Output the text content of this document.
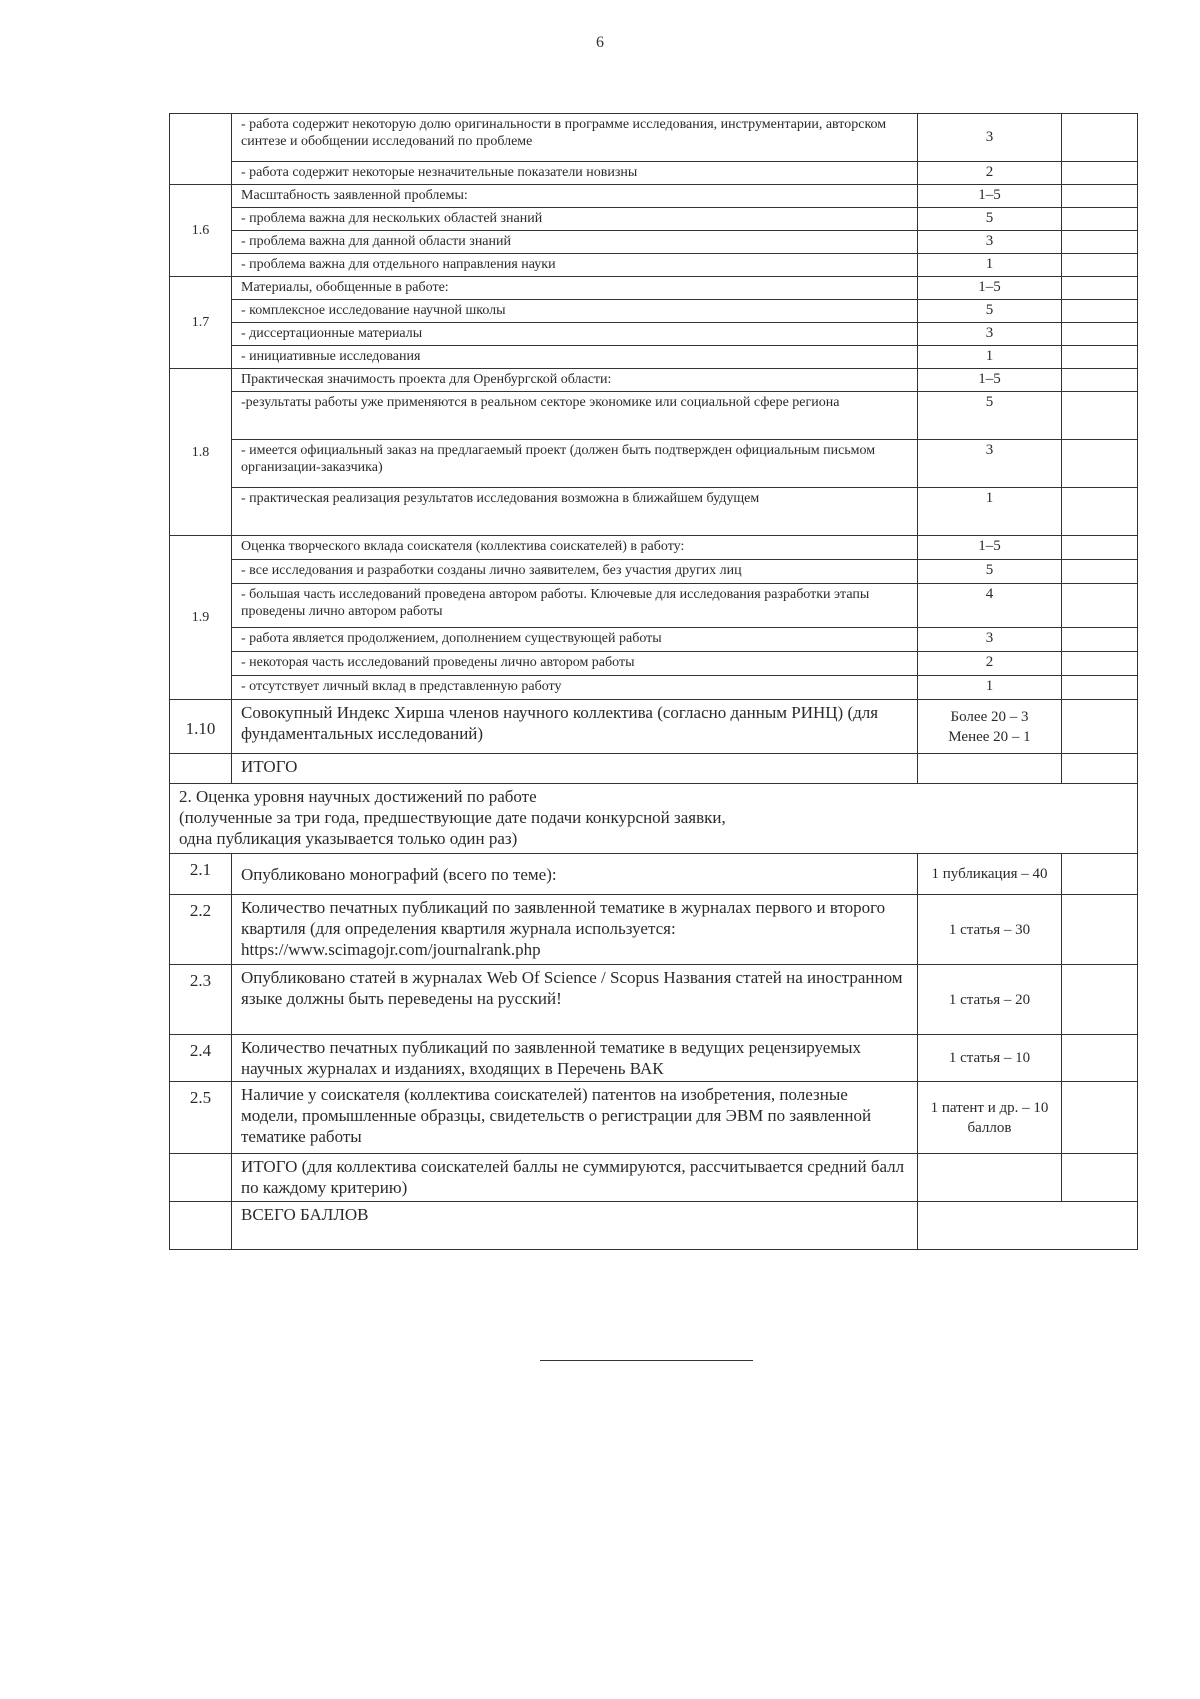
6
	- работа содержит некоторую долю оригинальности в программе исследования, инструментарии, авторском синтезе и обобщении исследований по проблеме	3	
	- работа содержит некоторые незначительные показатели новизны	2	
1.6	Масштабность заявленной проблемы:	1–5	
	- проблема важна для нескольких областей знаний	5	
	- проблема важна для данной области знаний	3	
	- проблема важна для отдельного направления науки	1	
1.7	Материалы, обобщенные в работе:	1–5	
	- комплексное исследование научной школы	5	
	- диссертационные материалы	3	
	- инициативные исследования	1	
1.8	Практическая значимость проекта для Оренбургской области:	1–5	
	-результаты работы уже применяются в реальном секторе экономике или социальной сфере региона	5	
	- имеется официальный заказ на предлагаемый проект (должен быть подтвержден официальным письмом организации-заказчика)	3	
	- практическая реализация результатов исследования возможна в ближайшем будущем	1	
1.9	Оценка творческого вклада соискателя (коллектива соискателей) в работу:	1–5	
	- все исследования и разработки созданы лично заявителем, без участия других лиц	5	
	- большая часть исследований проведена автором работы. Ключевые для исследования разработки этапы проведены лично автором работы	4	
	- работа является продолжением, дополнением существующей работы	3	
	- некоторая часть исследований проведены лично автором работы	2	
	- отсутствует личный вклад в представленную работу	1	
1.10	Совокупный Индекс Хирша членов научного коллектива (согласно данным РИНЦ) (для фундаментальных исследований)	Более 20 – 3
Менее 20 – 1	

	ИТОГО		

2. Оценка уровня научных достижений по работе
(полученные за три года, предшествующие дате подачи конкурсной заявки,
одна публикация указывается только один раз)			

2.1	Опубликовано монографий (всего по теме):	1 публикация – 40	
2.2	Количество печатных публикаций по заявленной тематике в журналах первого и второго квартиля (для определения квартиля журнала используется: https://www.scimagojr.com/journalrank.php	1 статья – 30	
2.3	Опубликовано статей в журналах Web Of Science / Scopus Названия статей на иностранном языке должны быть переведены на русский!	1 статья – 20	
2.4	Количество печатных публикаций по заявленной тематике в ведущих рецензируемых научных журналах и изданиях, входящих в Перечень ВАК	1 статья – 10	
2.5	Наличие у соискателя (коллектива соискателей) патентов на изобретения, полезные модели, промышленные образцы, свидетельств о регистрации для ЭВМ по заявленной тематике работы	1 патент и др. – 10 баллов	
	ИТОГО (для коллектива соискателей баллы не суммируются, рассчитывается средний балл по каждому критерию)		
	ВСЕГО БАЛЛОВ		
